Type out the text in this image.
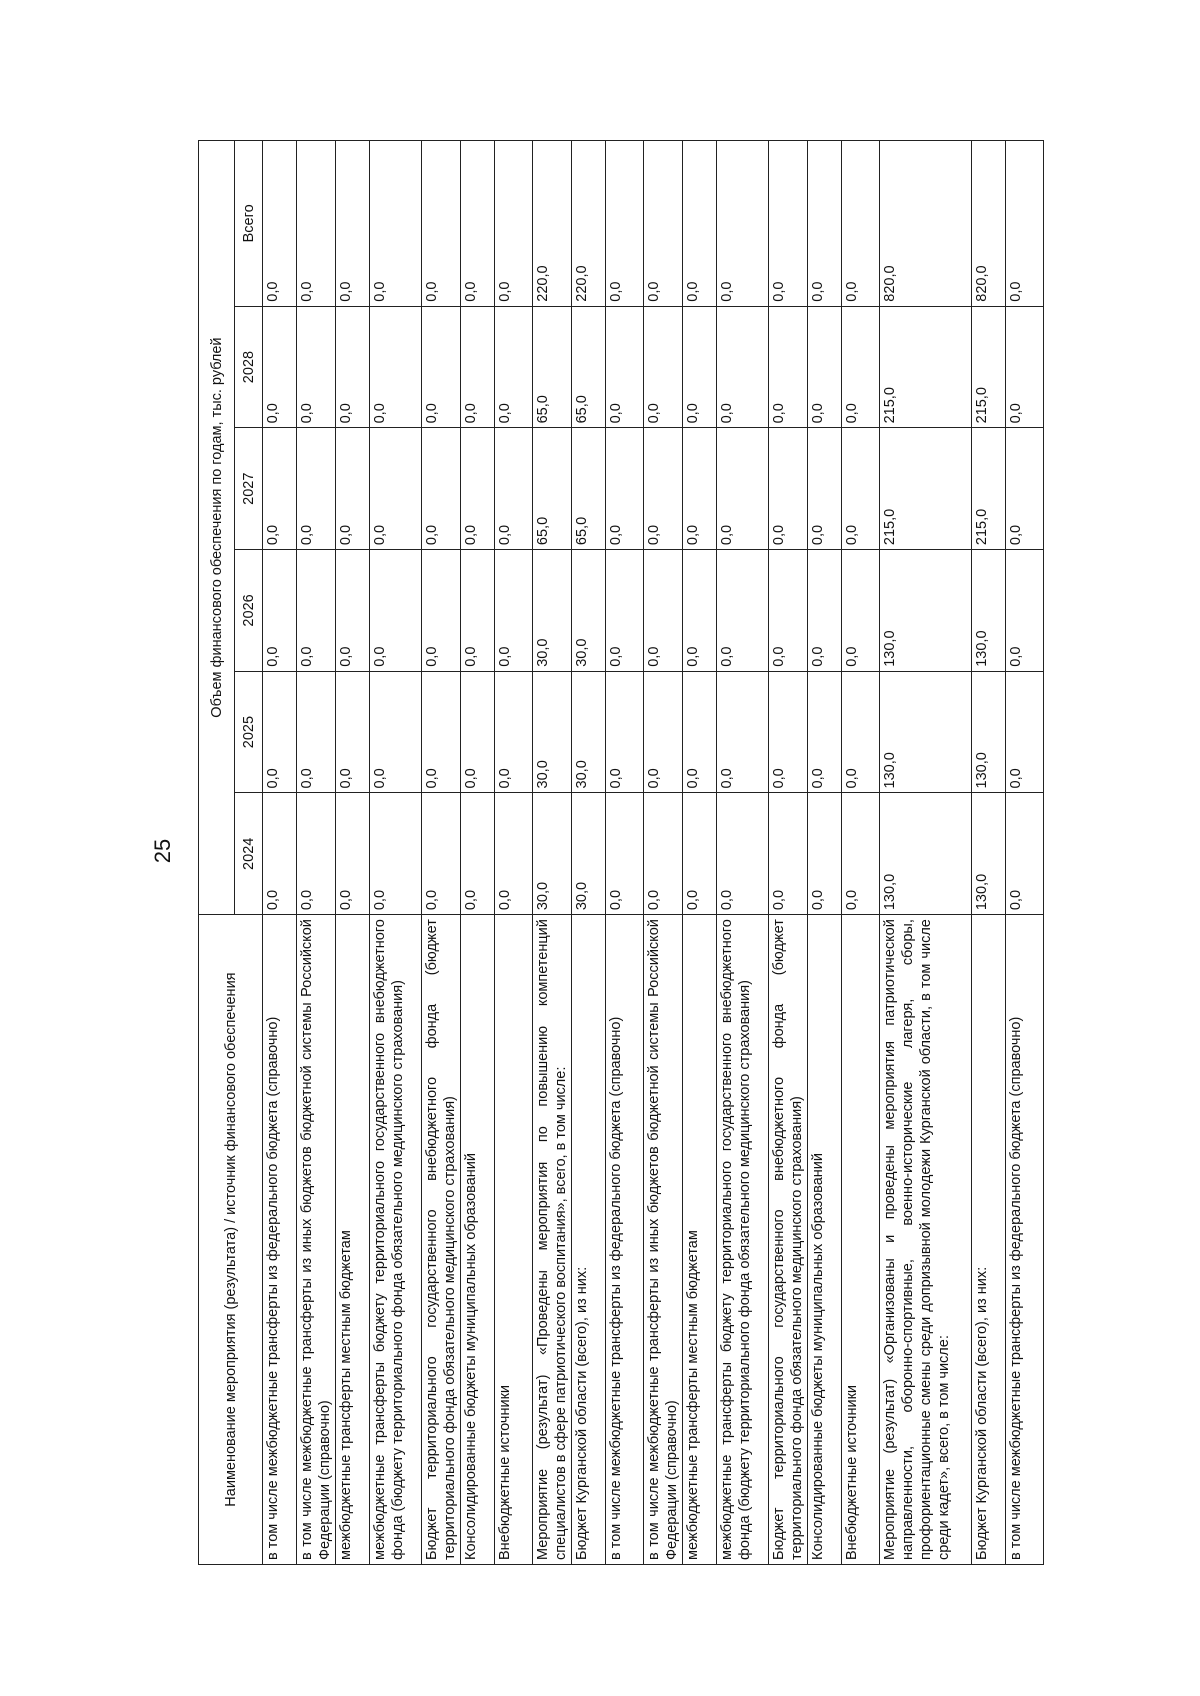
25
Наименование мероприятия (результата) / источник финансового обеспечения	Объем финансового обеспечения по годам, тыс. рублей					
	2024	2025	2026	2027	2028	Всего
в том числе межбюджетные трансферты из федерального бюджета (справочно)	0,0	0,0	0,0	0,0	0,0	0,0
в том числе межбюджетные трансферты из иных бюджетов бюджетной системы Российской Федерации (справочно)	0,0	0,0	0,0	0,0	0,0	0,0
межбюджетные трансферты местным бюджетам	0,0	0,0	0,0	0,0	0,0	0,0
межбюджетные трансферты бюджету территориального государственного внебюджетного фонда (бюджету территориального фонда обязательного медицинского страхования)	0,0	0,0	0,0	0,0	0,0	0,0
Бюджет территориального государственного внебюджетного фонда (бюджет территориального фонда обязательного медицинского страхования)	0,0	0,0	0,0	0,0	0,0	0,0
Консолидированные бюджеты муниципальных образований	0,0	0,0	0,0	0,0	0,0	0,0
Внебюджетные источники	0,0	0,0	0,0	0,0	0,0	0,0
Мероприятие (результат) «Проведены мероприятия по повышению компетенций специалистов в сфере патриотического воспитания», всего, в том числе:	30,0	30,0	30,0	65,0	65,0	220,0
Бюджет Курганской области (всего), из них:	30,0	30,0	30,0	65,0	65,0	220,0
в том числе межбюджетные трансферты из федерального бюджета (справочно)	0,0	0,0	0,0	0,0	0,0	0,0
в том числе межбюджетные трансферты из иных бюджетов бюджетной системы Российской Федерации (справочно)	0,0	0,0	0,0	0,0	0,0	0,0
межбюджетные трансферты местным бюджетам	0,0	0,0	0,0	0,0	0,0	0,0
межбюджетные трансферты бюджету территориального государственного внебюджетного фонда (бюджету территориального фонда обязательного медицинского страхования)	0,0	0,0	0,0	0,0	0,0	0,0
Бюджет территориального государственного внебюджетного фонда (бюджет территориального фонда обязательного медицинского страхования)	0,0	0,0	0,0	0,0	0,0	0,0
Консолидированные бюджеты муниципальных образований	0,0	0,0	0,0	0,0	0,0	0,0
Внебюджетные источники	0,0	0,0	0,0	0,0	0,0	0,0
Мероприятие (результат) «Организованы и проведены мероприятия патриотической направленности, оборонно-спортивные, военно-исторические лагеря, сборы, профориентационные смены среди допризывной молодежи Курганской области, в том числе среди кадет», всего, в том числе:	130,0	130,0	130,0	215,0	215,0	820,0
Бюджет Курганской области (всего), из них:	130,0	130,0	130,0	215,0	215,0	820,0
в том числе межбюджетные трансферты из федерального бюджета (справочно)	0,0	0,0	0,0	0,0	0,0	0,0
